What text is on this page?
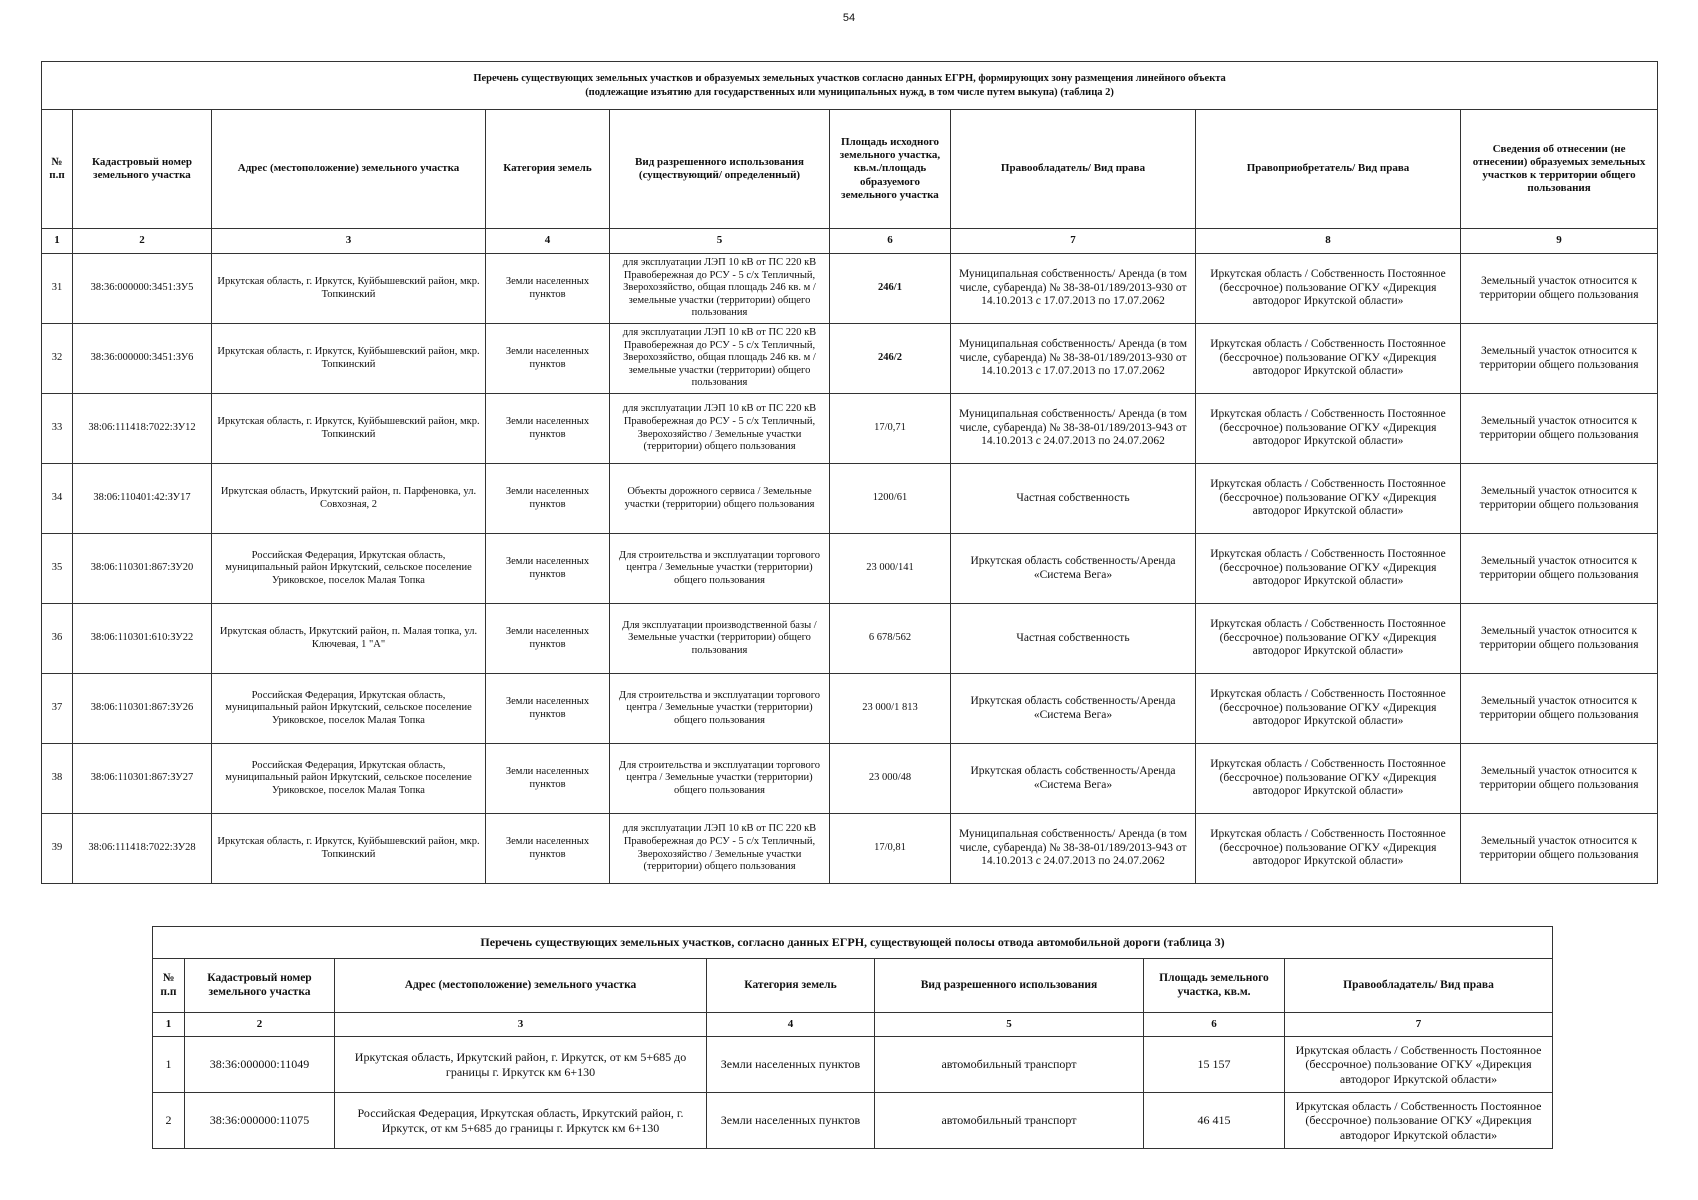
54
Перечень существующих земельных участков и образуемых земельных участков согласно данных ЕГРН, формирующих зону размещения линейного объекта
(подлежащие изъятию для государственных или муниципальных нужд, в том числе путем выкупа) (таблица 2)								

№ п.п	Кадастровый номер земельного участка	Адрес (местоположение) земельного участка	Категория земель	Вид разрешенного использования (существующий/ определенный)	Площадь исходного земельного участка, кв.м./площадь образуемого земельного участка	Правообладатель/ Вид права	Правоприобретатель/ Вид права	Сведения об отнесении (не отнесении) образуемых земельных участков к территории общего пользования
1	2	3	4	5	6	7	8	9
31	38:36:000000:3451:ЗУ5	Иркутская область, г. Иркутск, Куйбышевский район, мкр. Топкинский	Земли населенных пунктов	для эксплуатации ЛЭП 10 кВ от ПС 220 кВ Правобережная до РСУ - 5 с/х Тепличный, Зверохозяйство, общая площадь 246 кв. м / земельные участки (территории) общего пользования	246/1	Муниципальная собственность/ Аренда (в том числе, субаренда) № 38-38-01/189/2013-930 от 14.10.2013 с 17.07.2013 по 17.07.2062	Иркутская область / Собственность Постоянное (бессрочное) пользование ОГКУ «Дирекция автодорог Иркутской области»	Земельный участок относится к территории общего пользования
32	38:36:000000:3451:ЗУ6	Иркутская область, г. Иркутск, Куйбышевский район, мкр. Топкинский	Земли населенных пунктов	для эксплуатации ЛЭП 10 кВ от ПС 220 кВ Правобережная до РСУ - 5 с/х Тепличный, Зверохозяйство, общая площадь 246 кв. м / земельные участки (территории) общего пользования	246/2	Муниципальная собственность/ Аренда (в том числе, субаренда) № 38-38-01/189/2013-930 от 14.10.2013 с 17.07.2013 по 17.07.2062	Иркутская область / Собственность Постоянное (бессрочное) пользование ОГКУ «Дирекция автодорог Иркутской области»	Земельный участок относится к территории общего пользования
33	38:06:111418:7022:ЗУ12	Иркутская область, г. Иркутск, Куйбышевский район, мкр. Топкинский	Земли населенных пунктов	для эксплуатации ЛЭП 10 кВ от ПС 220 кВ Правобережная до РСУ - 5 с/х Тепличный, Зверохозяйство / Земельные участки (территории) общего пользования	17/0,71	Муниципальная собственность/ Аренда (в том числе, субаренда) № 38-38-01/189/2013-943 от 14.10.2013 с 24.07.2013 по 24.07.2062	Иркутская область / Собственность Постоянное (бессрочное) пользование ОГКУ «Дирекция автодорог Иркутской области»	Земельный участок относится к территории общего пользования
34	38:06:110401:42:ЗУ17	Иркутская область, Иркутский район, п. Парфеновка, ул. Совхозная, 2	Земли населенных пунктов	Объекты дорожного сервиса / Земельные участки (территории) общего пользования	1200/61	Частная собственность	Иркутская область / Собственность Постоянное (бессрочное) пользование ОГКУ «Дирекция автодорог Иркутской области»	Земельный участок относится к территории общего пользования
35	38:06:110301:867:ЗУ20	Российская Федерация, Иркутская область, муниципальный район Иркутский, сельское поселение Уриковское, поселок Малая Топка	Земли населенных пунктов	Для строительства и эксплуатации торгового центра / Земельные участки (территории) общего пользования	23 000/141	Иркутская область собственность/Аренда «Система Вега»	Иркутская область / Собственность Постоянное (бессрочное) пользование ОГКУ «Дирекция автодорог Иркутской области»	Земельный участок относится к территории общего пользования
36	38:06:110301:610:ЗУ22	Иркутская область, Иркутский район, п. Малая топка, ул. Ключевая, 1 "А"	Земли населенных пунктов	Для эксплуатации производственной базы / Земельные участки (территории) общего пользования	6 678/562	Частная собственность	Иркутская область / Собственность Постоянное (бессрочное) пользование ОГКУ «Дирекция автодорог Иркутской области»	Земельный участок относится к территории общего пользования
37	38:06:110301:867:ЗУ26	Российская Федерация, Иркутская область, муниципальный район Иркутский, сельское поселение Уриковское, поселок Малая Топка	Земли населенных пунктов	Для строительства и эксплуатации торгового центра / Земельные участки (территории) общего пользования	23 000/1 813	Иркутская область собственность/Аренда «Система Вега»	Иркутская область / Собственность Постоянное (бессрочное) пользование ОГКУ «Дирекция автодорог Иркутской области»	Земельный участок относится к территории общего пользования
38	38:06:110301:867:ЗУ27	Российская Федерация, Иркутская область, муниципальный район Иркутский, сельское поселение Уриковское, поселок Малая Топка	Земли населенных пунктов	Для строительства и эксплуатации торгового центра / Земельные участки (территории) общего пользования	23 000/48	Иркутская область собственность/Аренда «Система Вега»	Иркутская область / Собственность Постоянное (бессрочное) пользование ОГКУ «Дирекция автодорог Иркутской области»	Земельный участок относится к территории общего пользования
39	38:06:111418:7022:ЗУ28	Иркутская область, г. Иркутск, Куйбышевский район, мкр. Топкинский	Земли населенных пунктов	для эксплуатации ЛЭП 10 кВ от ПС 220 кВ Правобережная до РСУ - 5 с/х Тепличный, Зверохозяйство / Земельные участки (территории) общего пользования	17/0,81	Муниципальная собственность/ Аренда (в том числе, субаренда) № 38-38-01/189/2013-943 от 14.10.2013 с 24.07.2013 по 24.07.2062	Иркутская область / Собственность Постоянное (бессрочное) пользование ОГКУ «Дирекция автодорог Иркутской области»	Земельный участок относится к территории общего пользования
Перечень существующих земельных участков, согласно данных ЕГРН, существующей полосы отвода автомобильной дороги (таблица 3)						
№ п.п	Кадастровый номер земельного участка	Адрес (местоположение) земельного участка	Категория земель	Вид разрешенного использования	Площадь земельного участка, кв.м.	Правообладатель/ Вид права
1	2	3	4	5	6	7
1	38:36:000000:11049	Иркутская область, Иркутский район, г. Иркутск, от км 5+685 до границы г. Иркутск км 6+130	Земли населенных пунктов	автомобильный транспорт	15 157	Иркутская область / Собственность Постоянное (бессрочное) пользование ОГКУ «Дирекция автодорог Иркутской области»
2	38:36:000000:11075	Российская Федерация, Иркутская область, Иркутский район, г. Иркутск, от км 5+685 до границы г. Иркутск км 6+130	Земли населенных пунктов	автомобильный транспорт	46 415	Иркутская область / Собственность Постоянное (бессрочное) пользование ОГКУ «Дирекция автодорог Иркутской области»
